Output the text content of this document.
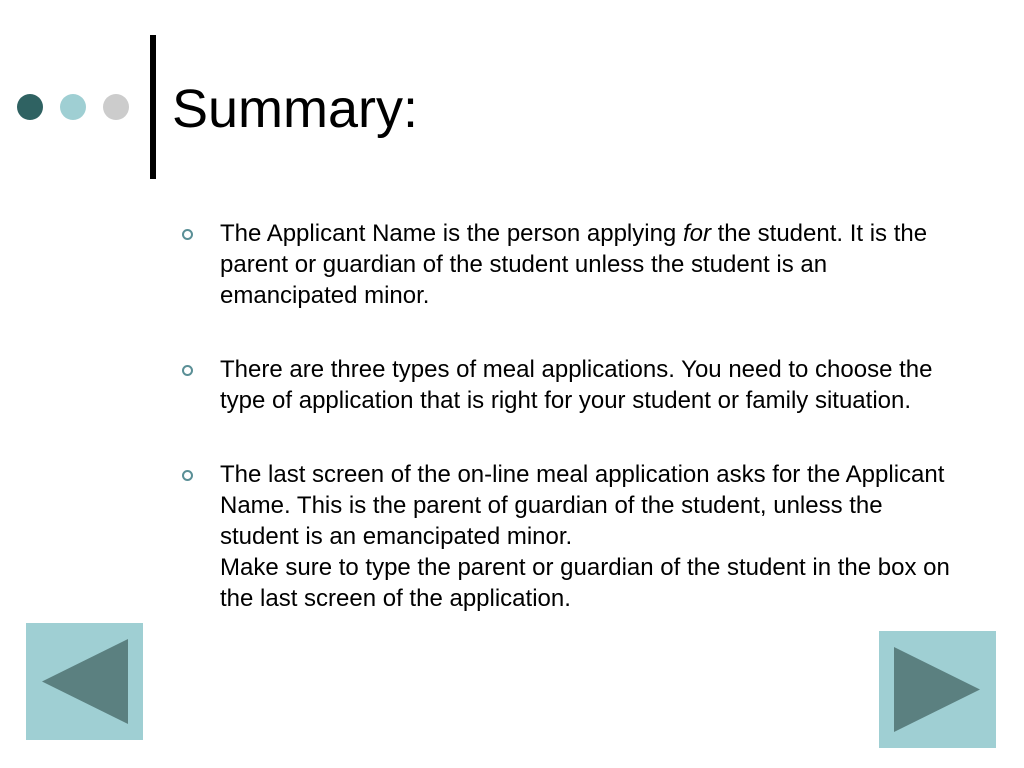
Summary:
The Applicant Name is the person applying for the student. It is the parent or guardian of the student unless the student is an emancipated minor.
There are three types of meal applications. You need to choose the type of application that is right for your student or family situation.
The last screen of the on-line meal application asks for the Applicant Name. This is the parent of guardian of the student, unless the student is an emancipated minor.
Make sure to type the parent or guardian of the student in the box on the last screen of the application.
